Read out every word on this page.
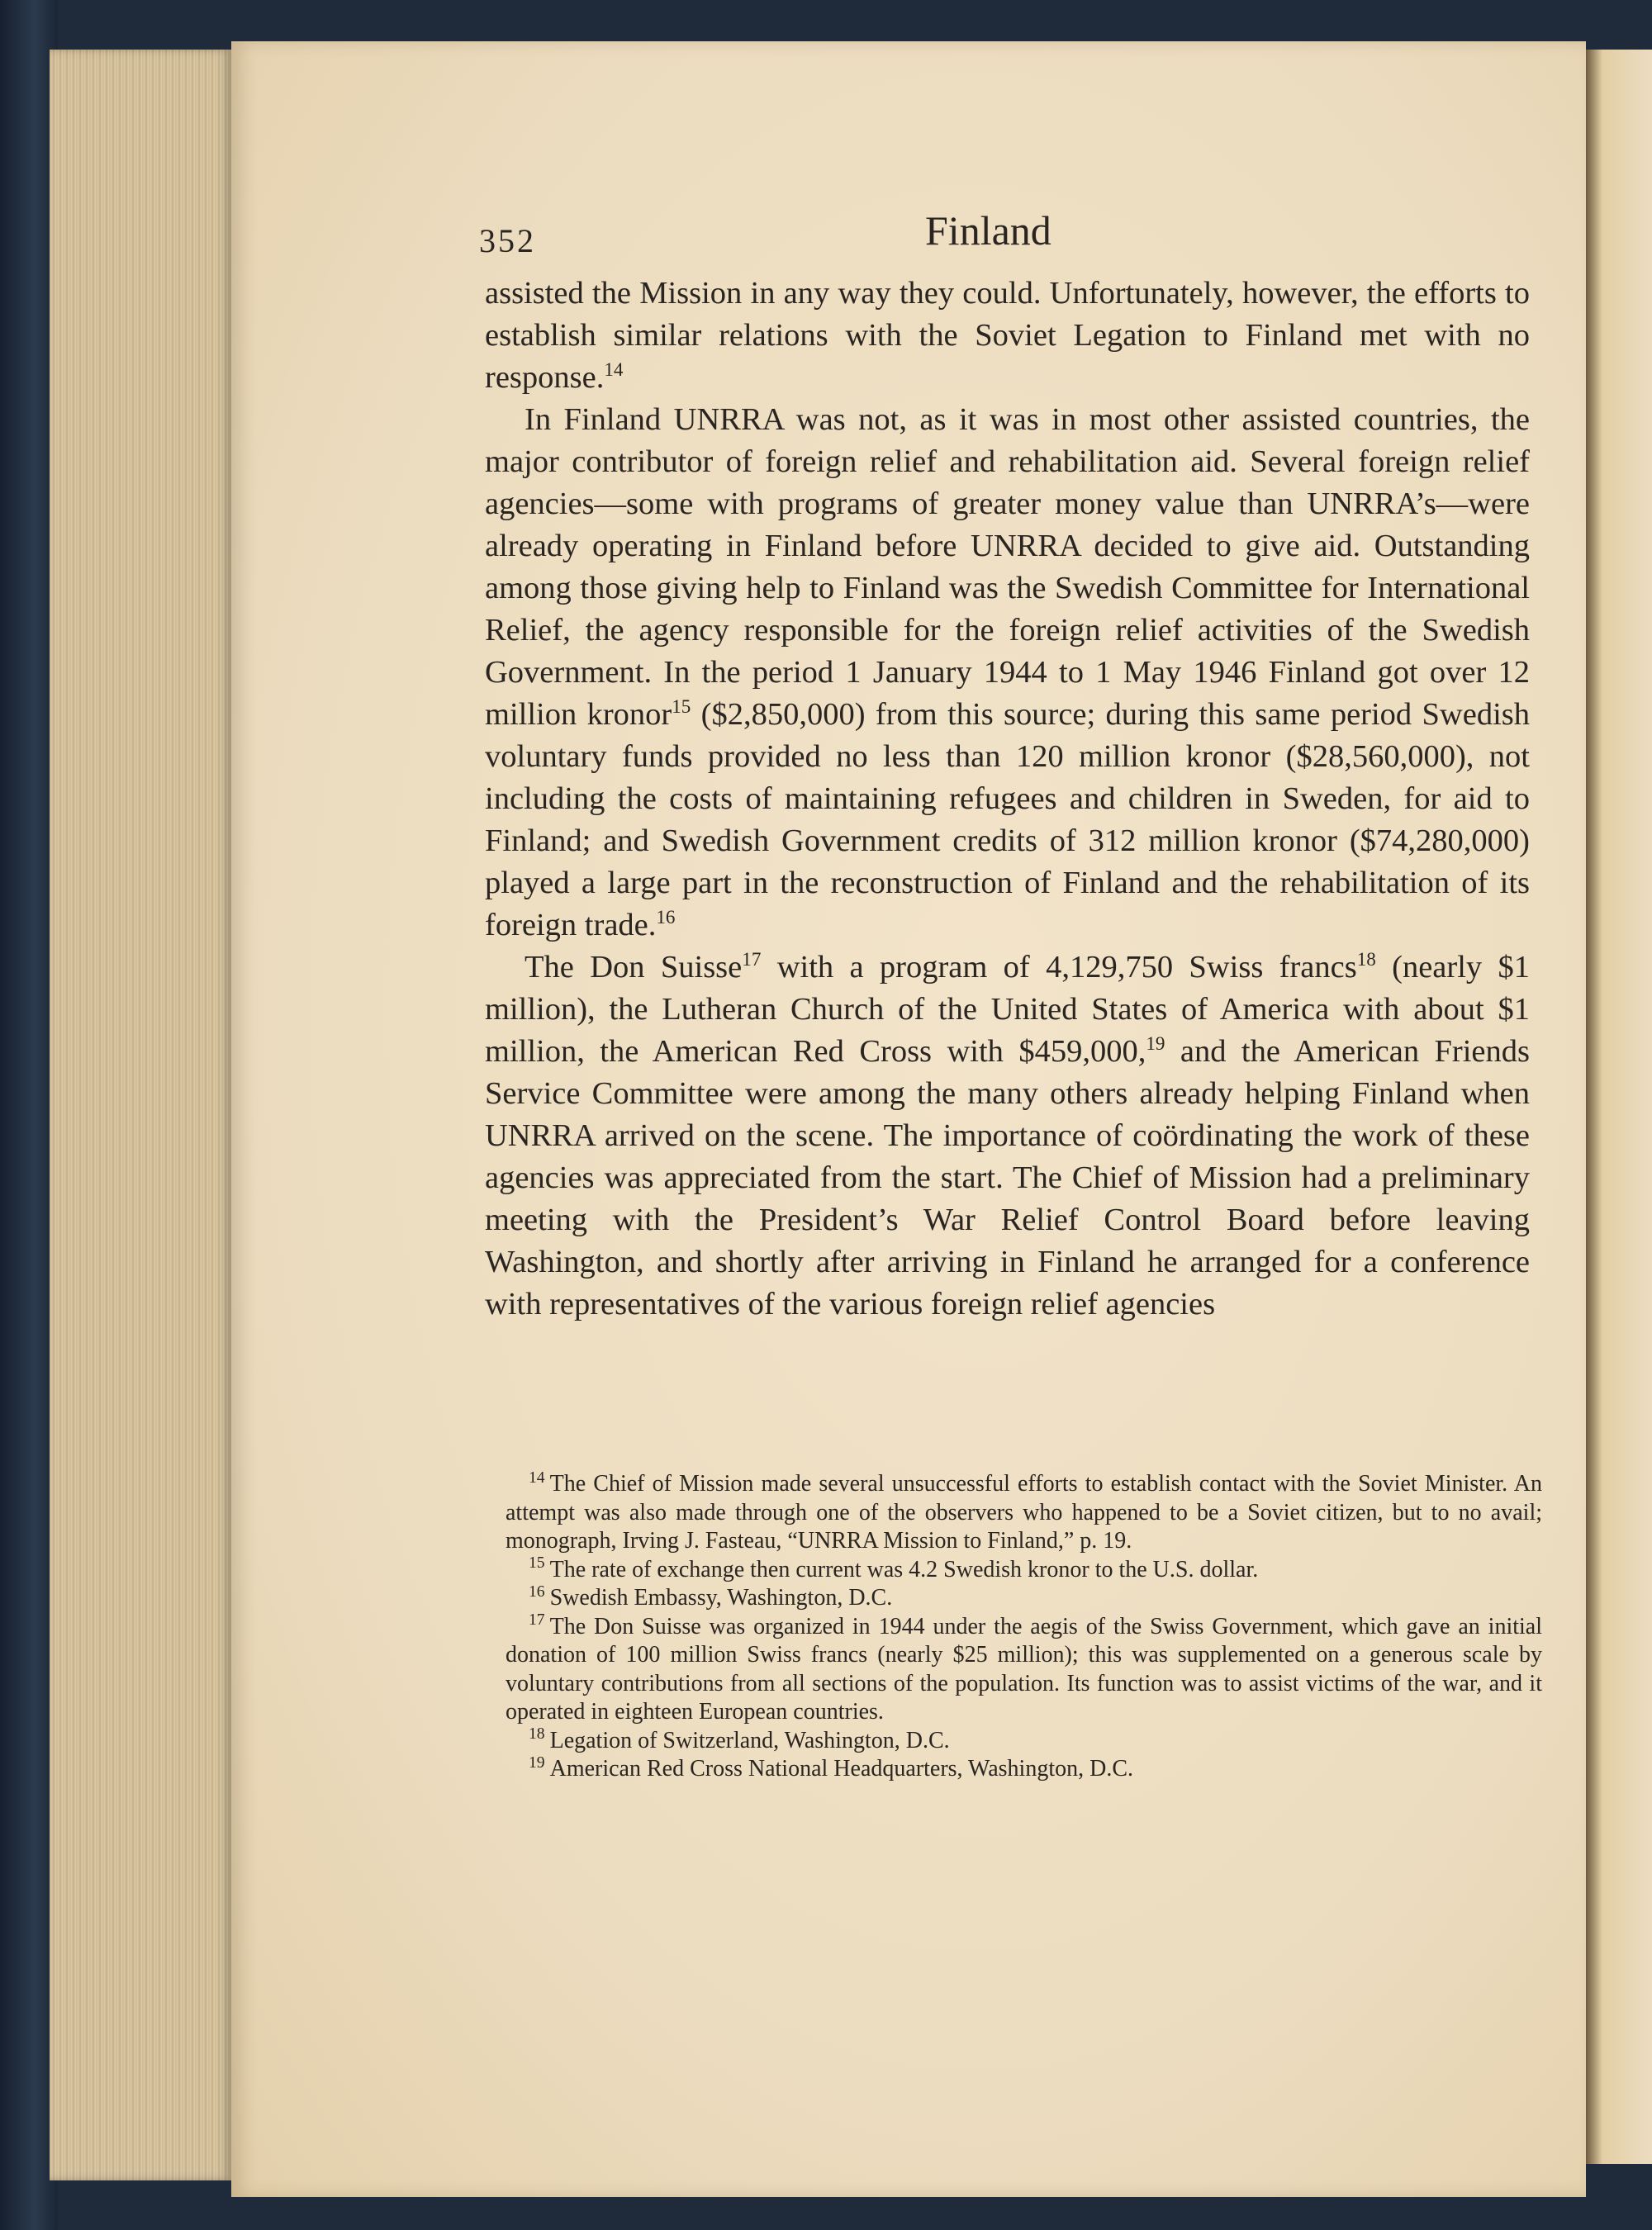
352	Finland

assisted the Mission in any way they could. Unfortunately, however, the efforts to establish similar relations with the Soviet Legation to Finland met with no response.$^{14}$

In Finland UNRRA was not, as it was in most other assisted countries, the major contributor of foreign relief and rehabilitation aid. Several foreign relief agencies—some with programs of greater money value than UNRRA’s—were already operating in Finland before UNRRA decided to give aid. Outstanding among those giving help to Finland was the Swedish Committee for International Relief, the agency responsible for the foreign relief activities of the Swedish Government. In the period 1 January 1944 to 1 May 1946 Finland got over 12 million kronor$^{15}$ ($2,850,000) from this source; during this same period Swedish voluntary funds provided no less than 120 million kronor ($28,560,000), not including the costs of maintaining refugees and children in Sweden, for aid to Finland; and Swedish Government credits of 312 million kronor ($74,280,000) played a large part in the reconstruction of Finland and the rehabilitation of its foreign trade.$^{16}$

The Don Suisse$^{17}$ with a program of 4,129,750 Swiss francs$^{18}$ (nearly $1 million), the Lutheran Church of the United States of America with about $1 million, the American Red Cross with $459,000,19 and the American Friends Service Committee were among the many others already helping Finland when UNRRA arrived on the scene. The importance of coördinating the work of these agencies was appreciated from the start. The Chief of Mission had a preliminary meeting with the President’s War Relief Control Board before leaving Washington, and shortly after arriving in Finland he arranged for a conference with representatives of the various foreign relief agencies

$^{14}$ The Chief of Mission made several unsuccessful efforts to establish contact with the Soviet Minister. An attempt was also made through one of the observers who happened to be a Soviet citizen, but to no avail; monograph, Irving J. Fasteau, “UNRRA Mission to Finland,” p. 19.

$^{15}$ The rate of exchange then current was 4.2 Swedish kronor to the U.S. dollar.

$^{16}$ Swedish Embassy, Washington, D.C.

$^{17}$ The Don Suisse was organized in 1944 under the aegis of the Swiss Government, which gave an initial donation of 100 million Swiss francs (nearly $25 million); this was supplemented on a generous scale by voluntary contributions from all sections of the population. Its function was to assist victims of the war, and it operated in eighteen European countries.

$^{18}$ Legation of Switzerland, Washington, D.C.

$^{19}$ American Red Cross National Headquarters, Washington, D.C.
